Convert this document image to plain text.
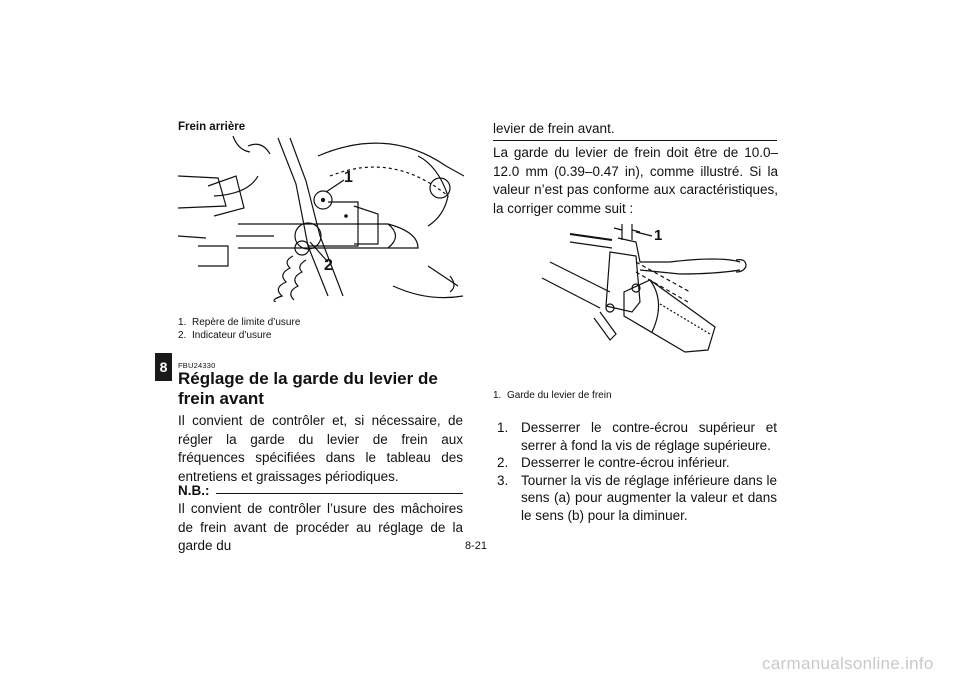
8
Frein arrière
1
2
1. Repère de limite d’usure
2. Indicateur d’usure
FBU24330
Réglage de la garde du levier de frein avant
Il convient de contrôler et, si nécessaire, de régler la garde du levier de frein aux fréquences spécifiées dans le tableau des entretiens et graissages périodiques.
N.B.:
Il convient de contrôler l’usure des mâchoires de frein avant de procéder au réglage de la garde du
levier de frein avant.
La garde du levier de frein doit être de 10.0–12.0 mm (0.39–0.47 in), comme illustré. Si la valeur n’est pas conforme aux caractéristiques, la corriger comme suit :
1
1. Garde du levier de frein
1. Desserrer le contre-écrou supérieur et serrer à fond la vis de réglage supérieure.
2. Desserrer le contre-écrou inférieur.
3. Tourner la vis de réglage inférieure dans le sens (a) pour augmenter la valeur et dans le sens (b) pour la diminuer.
8-21
carmanualsonline.info
